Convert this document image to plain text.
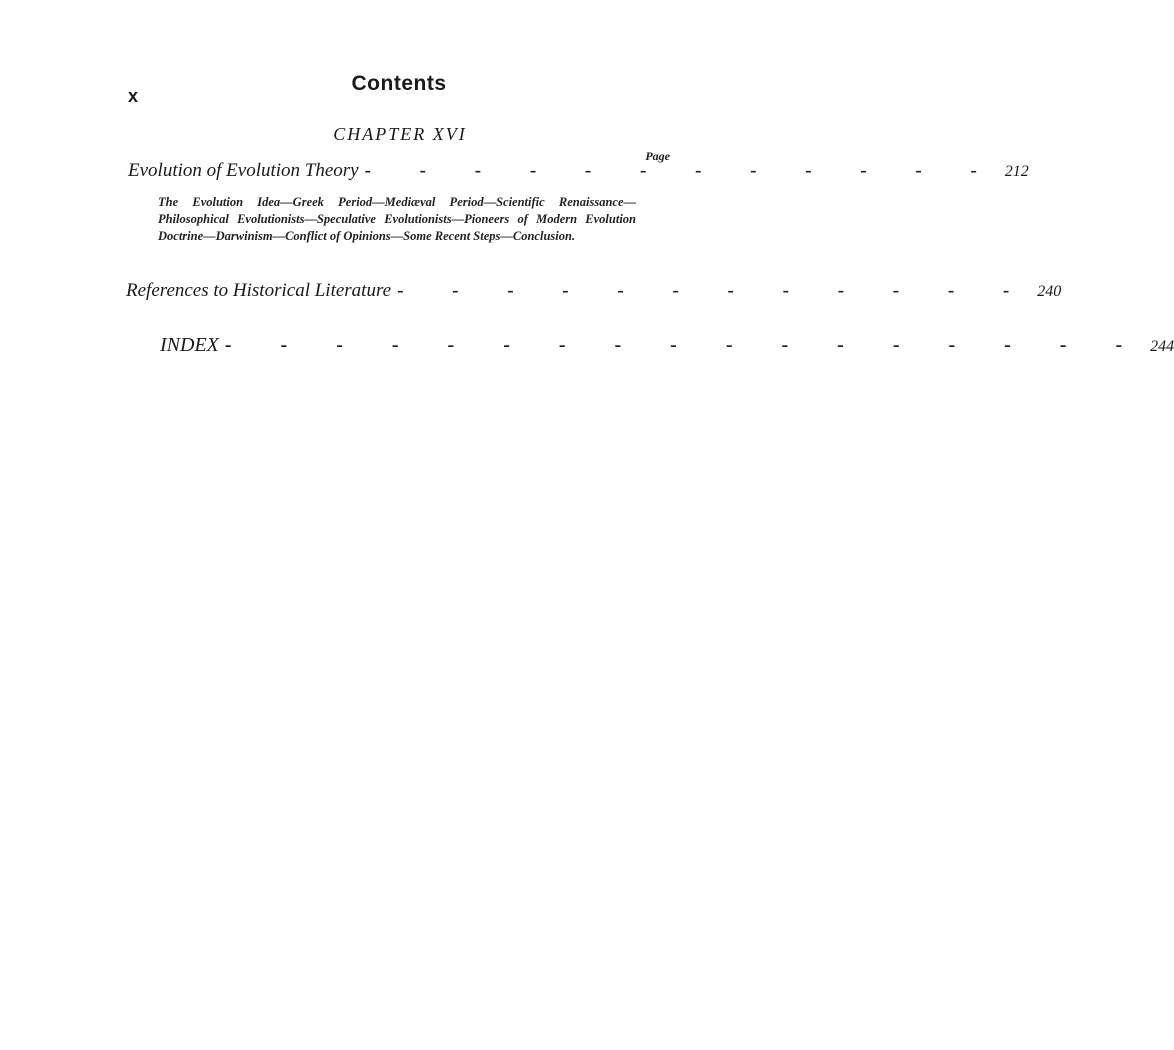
x
Contents
CHAPTER XVI
Page
Evolution of Evolution Theory - - - - - - - - - - - - 212
The Evolution Idea—Greek Period—Mediæval Period—Scientific Renaissance—Philosophical Evolutionists—Speculative Evolutionists—Pioneers of Modern Evolution Doctrine—Darwinism—Conflict of Opinions—Some Recent Steps—Conclusion.
References to Historical Literature - - - - - - - - - - - - 240
INDEX - - - - - - - - - - - - - - - - - 244
